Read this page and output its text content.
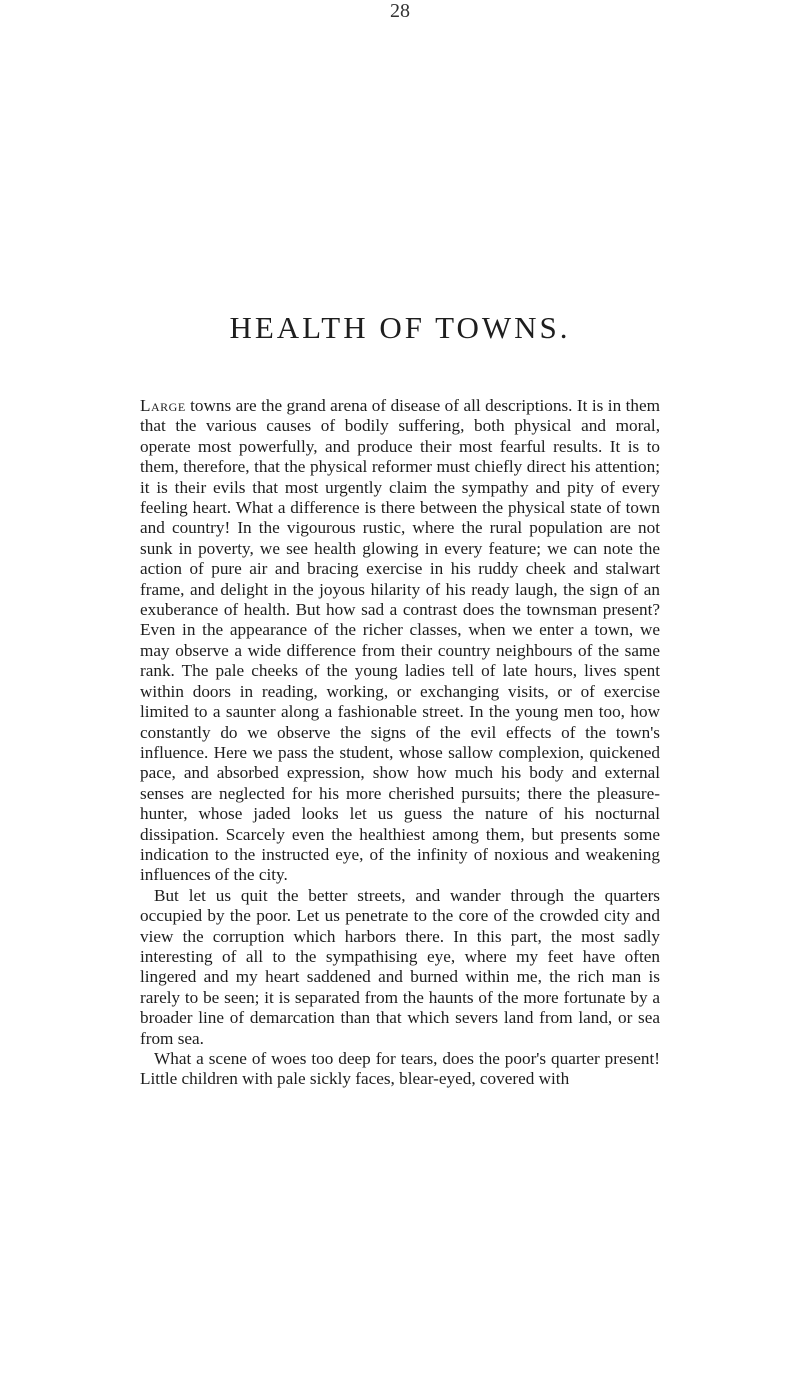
28
HEALTH OF TOWNS.

Large towns are the grand arena of disease of all descriptions. It is in them that the various causes of bodily suffering, both physical and moral, operate most powerfully, and produce their most fearful results. It is to them, therefore, that the physical reformer must chiefly direct his attention; it is their evils that most urgently claim the sympathy and pity of every feeling heart. What a difference is there between the physical state of town and country! In the vigourous rustic, where the rural population are not sunk in poverty, we see health glowing in every feature; we can note the action of pure air and bracing exercise in his ruddy cheek and stalwart frame, and delight in the joyous hilarity of his ready laugh, the sign of an exuberance of health. But how sad a contrast does the townsman present? Even in the appearance of the richer classes, when we enter a town, we may observe a wide difference from their country neighbours of the same rank. The pale cheeks of the young ladies tell of late hours, lives spent within doors in reading, working, or exchanging visits, or of exercise limited to a saunter along a fashionable street. In the young men too, how constantly do we observe the signs of the evil effects of the town's influence. Here we pass the student, whose sallow complexion, quickened pace, and absorbed expression, show how much his body and external senses are neglected for his more cherished pursuits; there the pleasure-hunter, whose jaded looks let us guess the nature of his nocturnal dissipation. Scarcely even the healthiest among them, but presents some indication to the instructed eye, of the infinity of noxious and weakening influences of the city.

But let us quit the better streets, and wander through the quarters occupied by the poor. Let us penetrate to the core of the crowded city and view the corruption which harbors there. In this part, the most sadly interesting of all to the sympathising eye, where my feet have often lingered and my heart saddened and burned within me, the rich man is rarely to be seen; it is separated from the haunts of the more fortunate by a broader line of demarcation than that which severs land from land, or sea from sea.

What a scene of woes too deep for tears, does the poor's quarter present! Little children with pale sickly faces, blear-eyed, covered with
